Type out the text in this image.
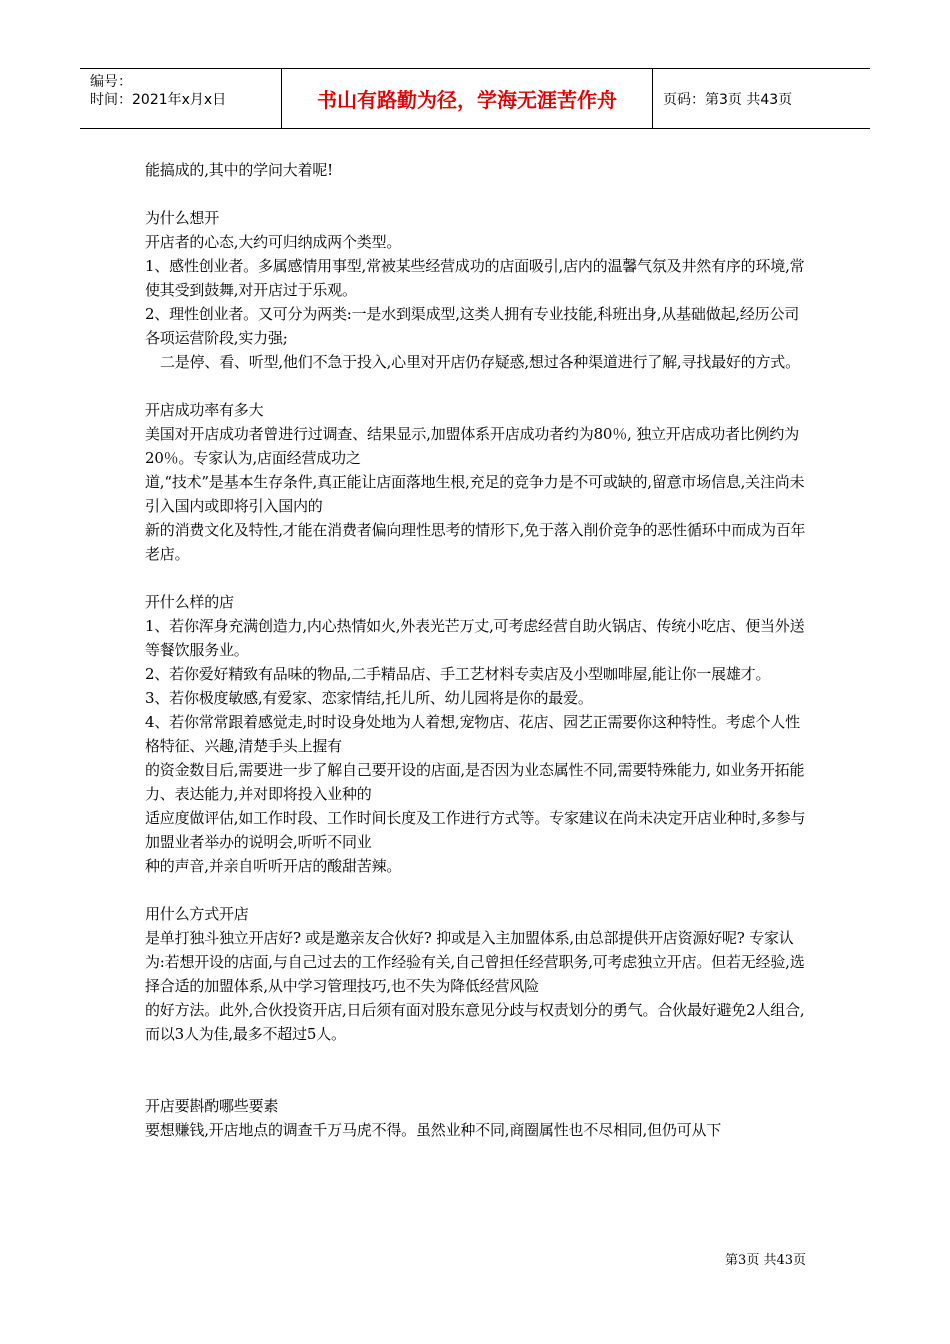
编号：
时间：2021年x月x日	书山有路勤为径，学海无涯苦作舟	页码：第3页 共43页

能搞成的,其中的学问大着呢!

为什么想开

开店者的心态,大约可归纳成两个类型。

1、感性创业者。多属感情用事型,常被某些经营成功的店面吸引,店内的温馨气氛及井然有序的环境,常使其受到鼓舞,对开店过于乐观。

2、理性创业者。又可分为两类:一是水到渠成型,这类人拥有专业技能,科班出身,从基础做起,经历公司各项运营阶段,实力强;

二是停、看、听型,他们不急于投入,心里对开店仍存疑惑,想过各种渠道进行了解,寻找最好的方式。

开店成功率有多大

美国对开店成功者曾进行过调查、结果显示,加盟体系开店成功者约为80％, 独立开店成功者比例约为20％。专家认为,店面经营成功之

道,“技术”是基本生存条件,真正能让店面落地生根,充足的竞争力是不可或缺的,留意市场信息,关注尚未引入国内或即将引入国内的

新的消费文化及特性,才能在消费者偏向理性思考的情形下,免于落入削价竞争的恶性循环中而成为百年老店。

开什么样的店

1、若你浑身充满创造力,内心热情如火,外表光芒万丈,可考虑经营自助火锅店、传统小吃店、便当外送等餐饮服务业。

2、若你爱好精致有品味的物品,二手精品店、手工艺材料专卖店及小型咖啡屋,能让你一展雄才。

3、若你极度敏感,有爱家、恋家情结,托儿所、幼儿园将是你的最爱。

4、若你常常跟着感觉走,时时设身处地为人着想,宠物店、花店、园艺正需要你这种特性。考虑个人性格特征、兴趣,清楚手头上握有

的资金数目后,需要进一步了解自己要开设的店面,是否因为业态属性不同,需要特殊能力, 如业务开拓能力、表达能力,并对即将投入业种的

适应度做评估,如工作时段、工作时间长度及工作进行方式等。专家建议在尚未决定开店业种时,多参与加盟业者举办的说明会,听听不同业

种的声音,并亲自听听开店的酸甜苦辣。

用什么方式开店

是单打独斗独立开店好? 或是邀亲友合伙好? 抑或是入主加盟体系,由总部提供开店资源好呢? 专家认为:若想开设的店面,与自己过去的工作经验有关,自己曾担任经营职务,可考虑独立开店。但若无经验,选择合适的加盟体系,从中学习管理技巧,也不失为降低经营风险

的好方法。此外,合伙投资开店,日后须有面对股东意见分歧与权责划分的勇气。合伙最好避免2人组合,而以3人为佳,最多不超过5人。

开店要斟酌哪些要素

要想赚钱,开店地点的调查千万马虎不得。虽然业种不同,商圈属性也不尽相同,但仍可从下

第3页 共43页
